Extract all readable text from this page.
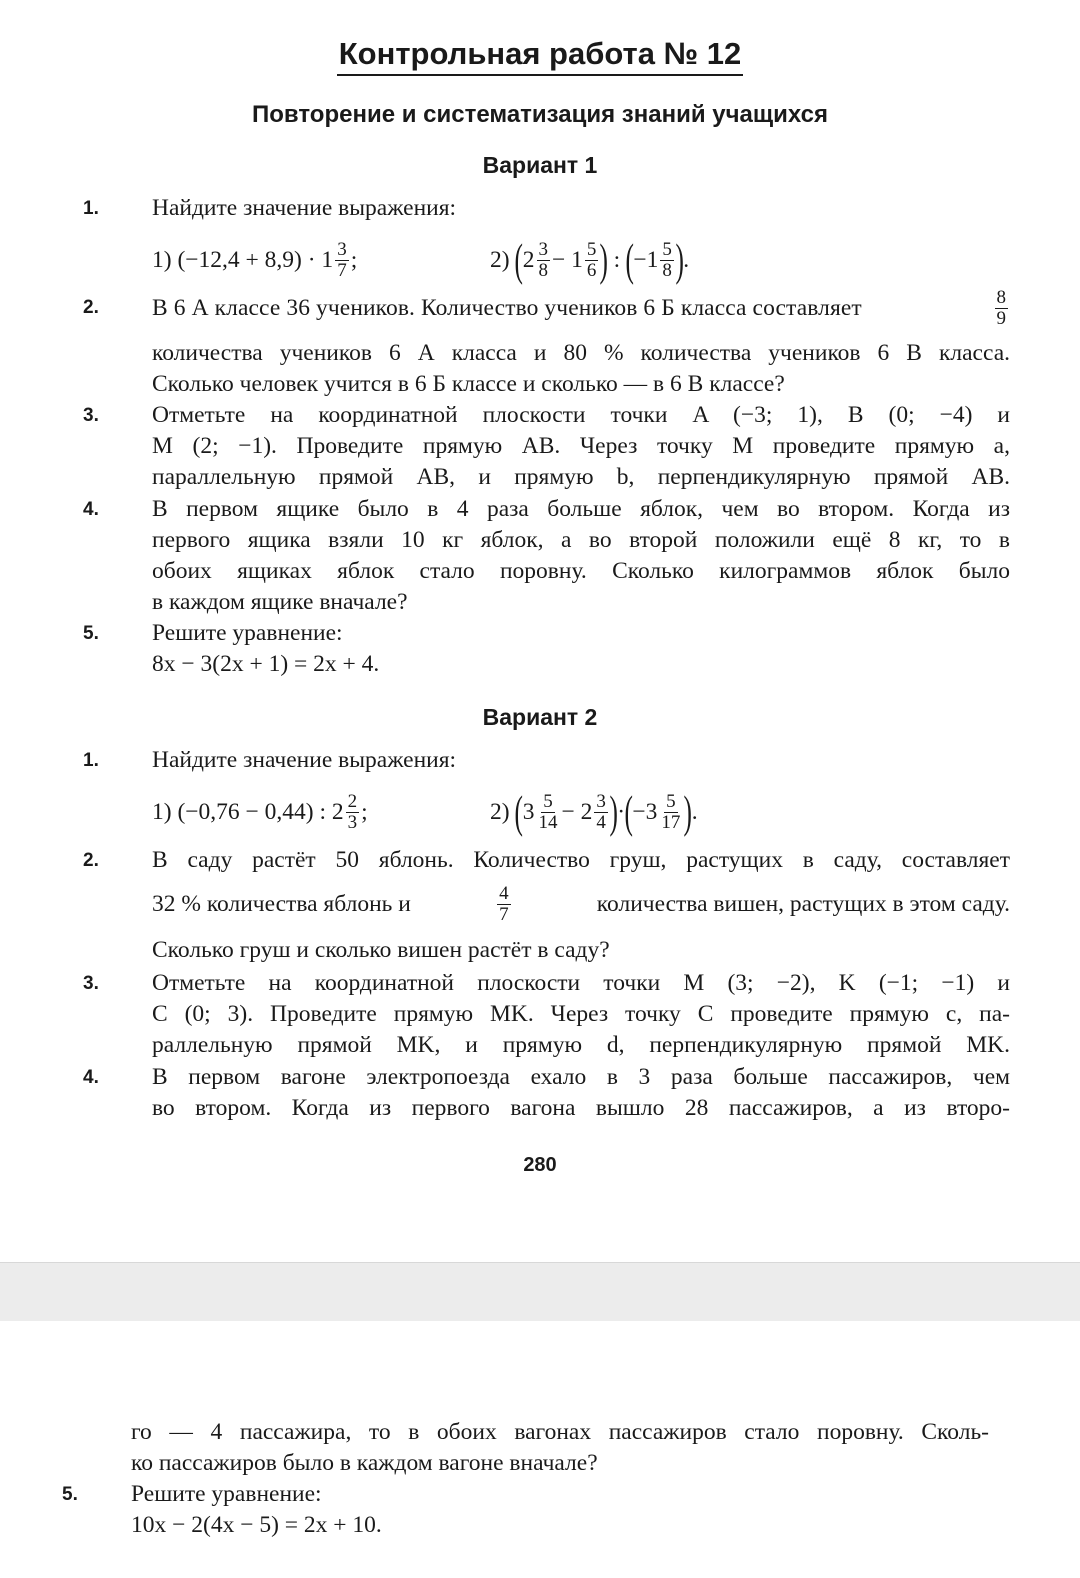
Контрольная работа № 12
Повторение и систематизация знаний учащихся
Вариант 1
1. Найдите значение выражения:
1)
$(-12,4 + 8,9) \cdot 1 \frac{3}{7}$ ;	2)
( $2 \frac{3}{8} - 1 \frac{5}{6}$ )
:
( $-1 \frac{5}{8}$ ) .
2. В 6 А классе 36 учеников. Количество учеников 6 Б класса составляет	$\frac{8}{9}$
количества учеников 6 А класса и 80 % количества учеников 6 В класса.
Сколько человек учится в 6 Б классе и сколько — в 6 В классе?
3. Отметьте на координатной плоскости точки A (−3; 1), B (0; −4) и
M (2; −1). Проведите прямую AB. Через точку M проведите прямую a,
параллельную прямой AB, и прямую b, перпендикулярную прямой AB.
4. В первом ящике было в 4 раза больше яблок, чем во втором. Когда из
первого ящика взяли 10 кг яблок, а во второй положили ещё 8 кг, то в
обоих ящиках яблок стало поровну. Сколько килограммов яблок было
в каждом ящике вначале?
5. Решите уравнение:
8x − 3(2x + 1) = 2x + 4.
Вариант 2
1. Найдите значение выражения:
1)
(−0,76 − 0,44) : $2 \frac{2}{3}$ ;	2)
( $3 \frac{5}{14} - 2 \frac{3}{4}$ ) · ( $-3 \frac{5}{17}$ ) .
2. В саду растёт 50 яблонь. Количество груш, растущих в саду, составляет
32 % количества яблонь и	$\frac{4}{7}$	количества вишен, растущих в этом саду.
Сколько груш и сколько вишен растёт в саду?
3. Отметьте на координатной плоскости точки M (3; −2), K (−1; −1) и
C (0; 3). Проведите прямую MK. Через точку C проведите прямую c, па-
раллельную прямой MK, и прямую d, перпендикулярную прямой MK.
4. В первом вагоне электропоезда ехало в 3 раза больше пассажиров, чем
во втором. Когда из первого вагона вышло 28 пассажиров, а из второ-
280
го — 4 пассажира, то в обоих вагонах пассажиров стало поровну. Сколь-
ко пассажиров было в каждом вагоне вначале?
5. Решите уравнение:
10x − 2(4x − 5) = 2x + 10.
